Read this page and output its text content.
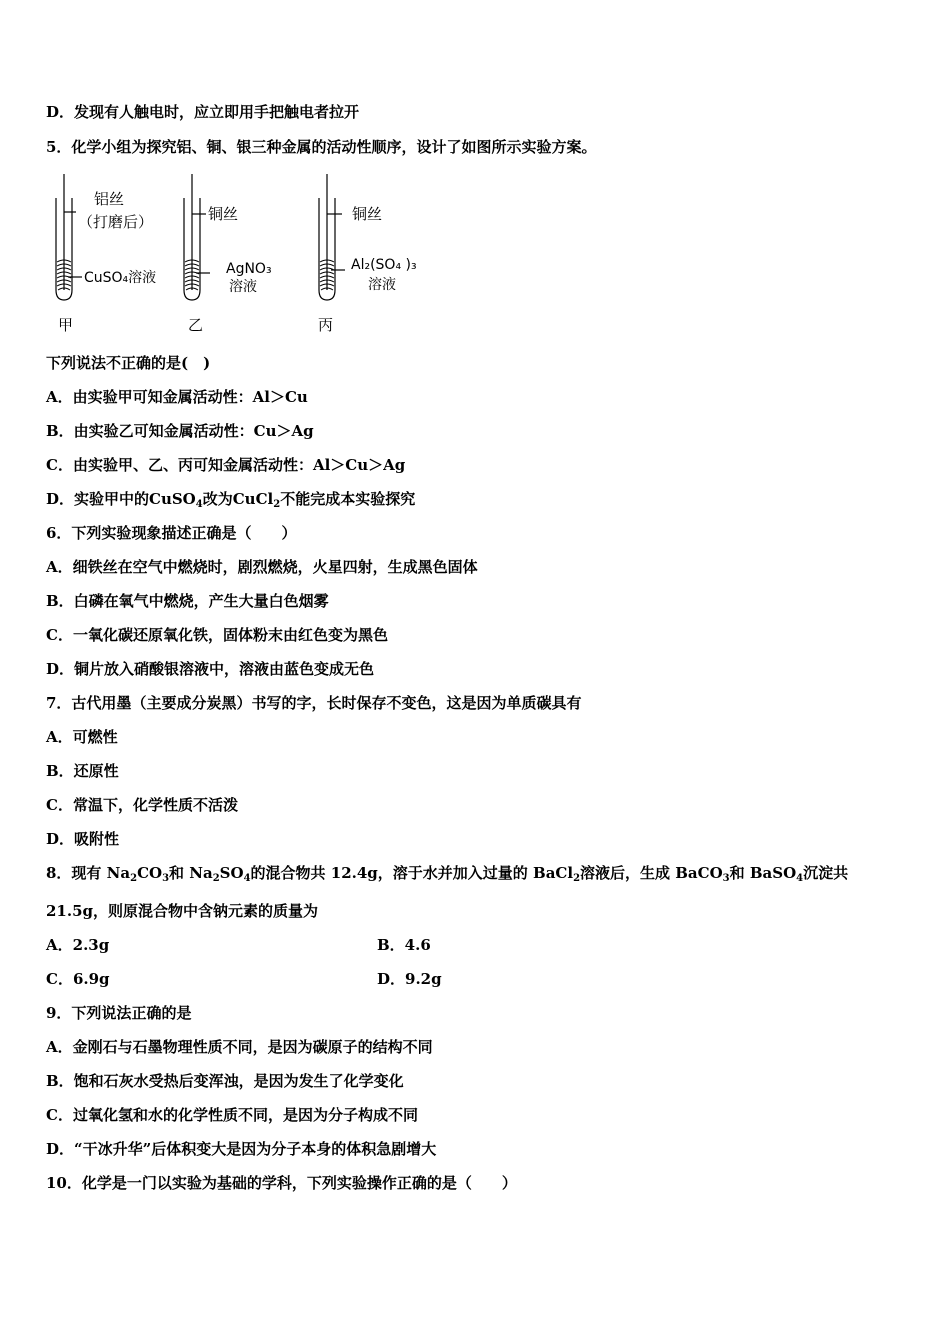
D．发现有人触电时，应立即用手把触电者拉开
5．化学小组为探究铝、铜、银三种金属的活动性顺序，设计了如图所示实验方案。
铝丝
（打磨后）
CuSO₄溶液
甲
铜丝
AgNO₃
溶液
乙
铜丝
Al₂(SO₄ )₃
溶液
丙
下列说法不正确的是(　)
A．由实验甲可知金属活动性：Al＞Cu
B．由实验乙可知金属活动性：Cu＞Ag
C．由实验甲、乙、丙可知金属活动性：Al＞Cu＞Ag
D．实验甲中的CuSO$_4$改为CuCl$_2$不能完成本实验探究
6．下列实验现象描述正确是（　　）
A．细铁丝在空气中燃烧时，剧烈燃烧，火星四射，生成黑色固体
B．白磷在氧气中燃烧，产生大量白色烟雾
C．一氧化碳还原氧化铁，固体粉末由红色变为黑色
D．铜片放入硝酸银溶液中，溶液由蓝色变成无色
7．古代用墨（主要成分炭黑）书写的字，长时保存不变色，这是因为单质碳具有
A．可燃性
B．还原性
C．常温下，化学性质不活泼
D．吸附性
8．现有 $Na_2CO_3$和 $Na_2SO_4$的混合物共 12.4g，溶于水并加入过量的 BaCl$_2$溶液后，生成 BaCO$_3$和 BaSO$_4$沉淀共
21.5g，则原混合物中含钠元素的质量为
A．2.3g	B．4.6
C．6.9g	D．9.2g
9．下列说法正确的是
A．金刚石与石墨物理性质不同，是因为碳原子的结构不同
B．饱和石灰水受热后变浑浊，是因为发生了化学变化
C．过氧化氢和水的化学性质不同，是因为分子构成不同
D．“干冰升华”后体积变大是因为分子本身的体积急剧增大
10．化学是一门以实验为基础的学科，下列实验操作正确的是（　　）
